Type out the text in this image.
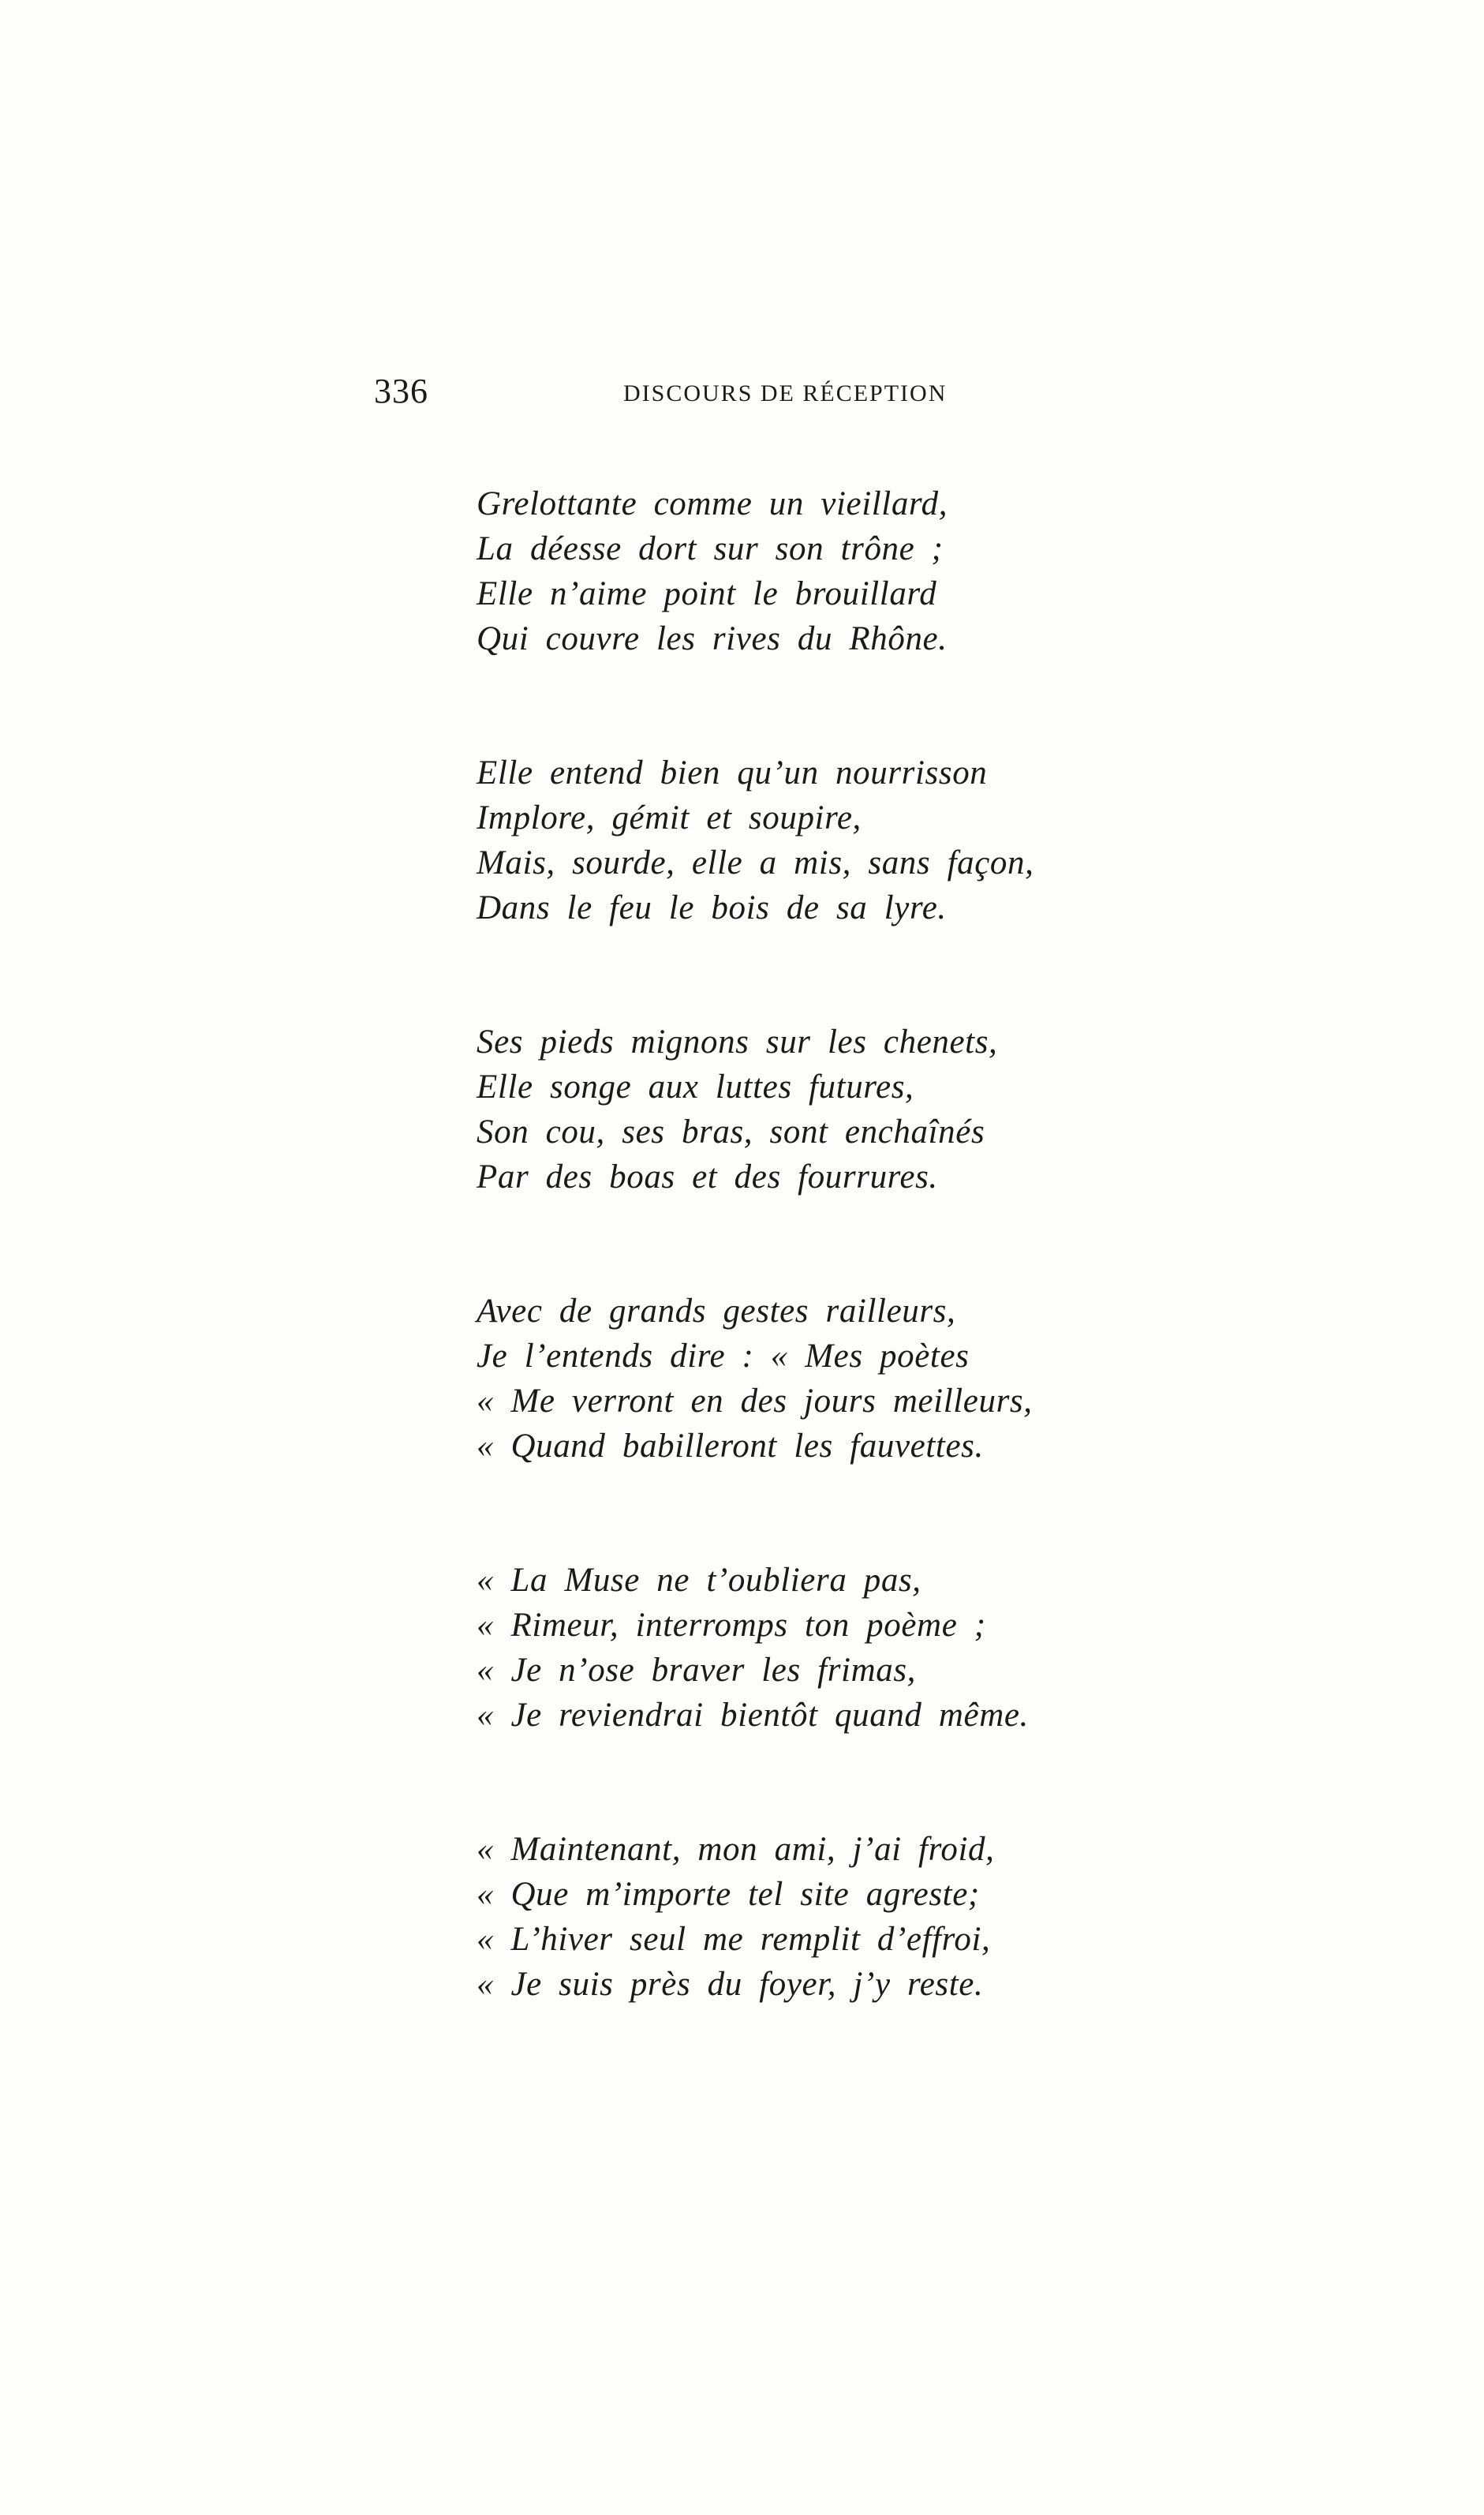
336	DISCOURS DE RÉCEPTION
Grelottante comme un vieillard,
La déesse dort sur son trône ;
Elle n’aime point le brouillard
Qui couvre les rives du Rhône.
Elle entend bien qu’un nourrisson
Implore, gémit et soupire,
Mais, sourde, elle a mis, sans façon,
Dans le feu le bois de sa lyre.
Ses pieds mignons sur les chenets,
Elle songe aux luttes futures,
Son cou, ses bras, sont enchaînés
Par des boas et des fourrures.
Avec de grands gestes railleurs,
Je l’entends dire : « Mes poètes
« Me verront en des jours meilleurs,
« Quand babilleront les fauvettes.
« La Muse ne t’oubliera pas,
« Rimeur, interromps ton poème ;
« Je n’ose braver les frimas,
« Je reviendrai bientôt quand même.
« Maintenant, mon ami, j’ai froid,
« Que m’importe tel site agreste;
« L’hiver seul me remplit d’effroi,
« Je suis près du foyer, j’y reste.
